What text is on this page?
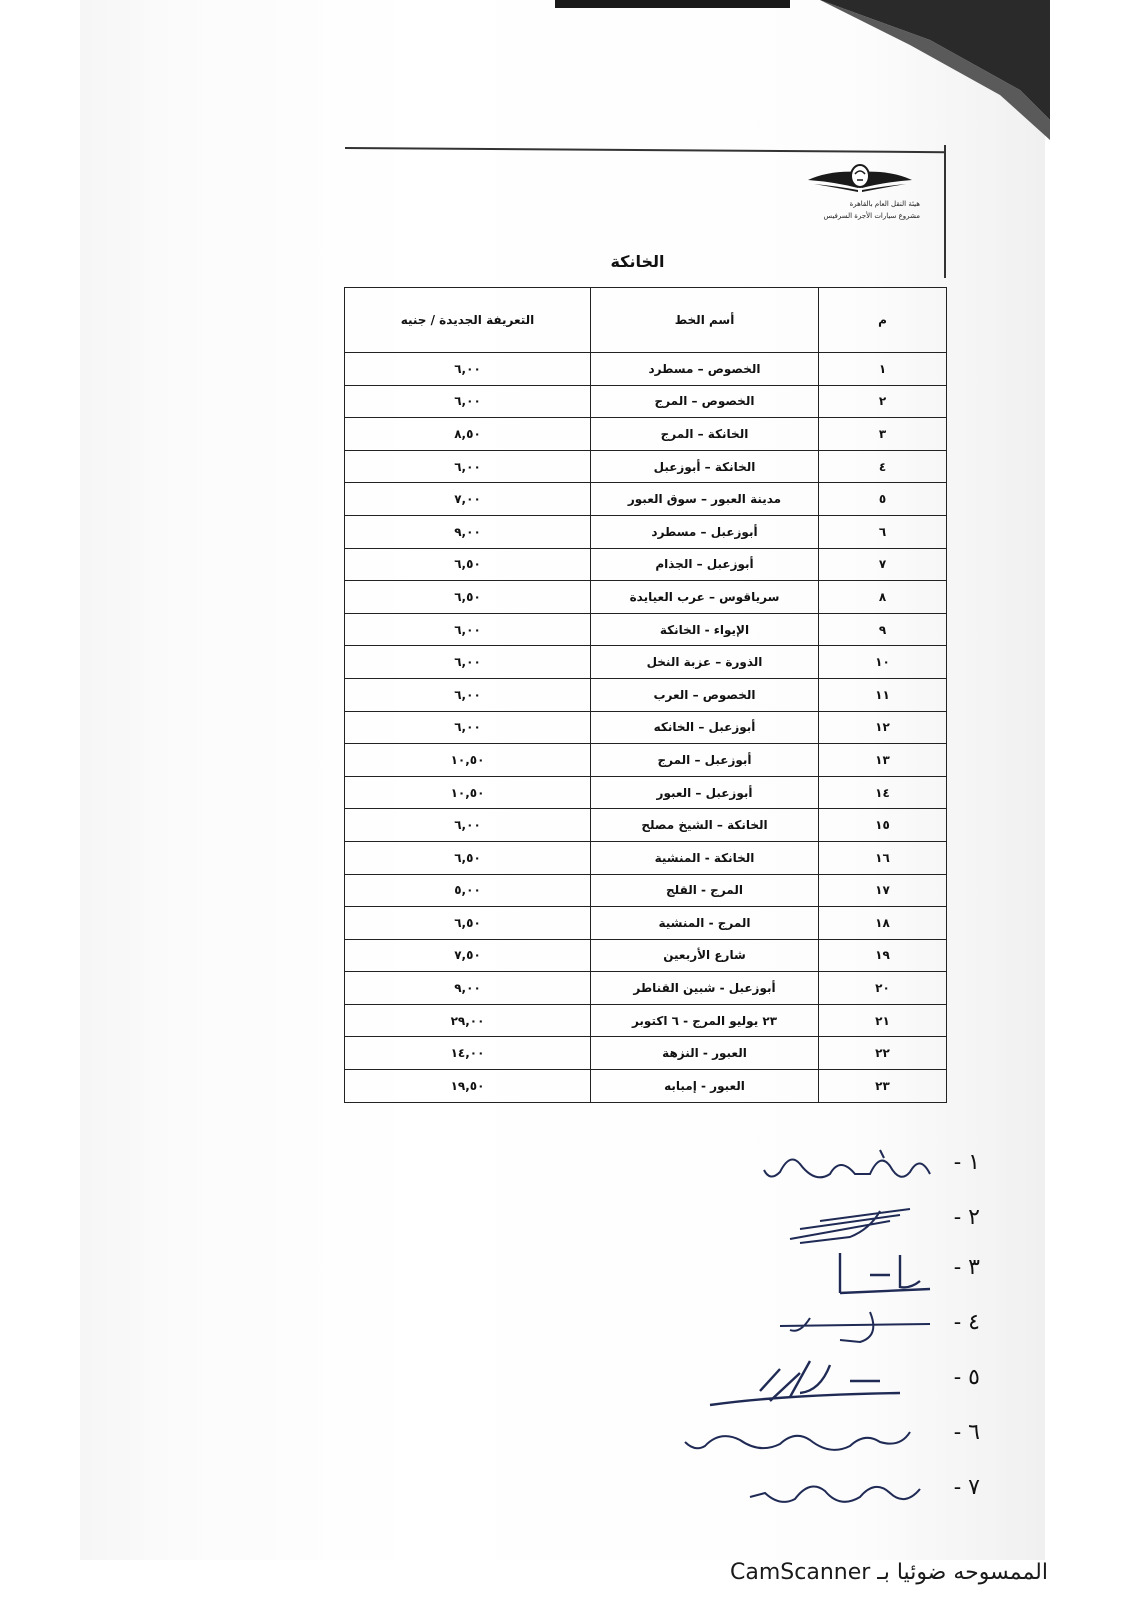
هيئة النقل العام بالقاهرة
مشروع سيارات الأجرة السرفيس
الخانكة
م	أسم الخط	التعريفة الجديدة / جنيه
١	الخصوص – مسطرد	٦,٠٠
٢	الخصوص – المرج	٦,٠٠
٣	الخانكة – المرج	٨,٥٠
٤	الخانكة – أبوزعبل	٦,٠٠
٥	مدينة العبور – سوق العبور	٧,٠٠
٦	أبوزعبل – مسطرد	٩,٠٠
٧	أبوزعبل – الجذام	٦,٥٠
٨	سرياقوس – عرب العيايدة	٦,٥٠
٩	الإيواء - الخانكة	٦,٠٠
١٠	الذورة – عزبة النخل	٦,٠٠
١١	الخصوص – العرب	٦,٠٠
١٢	أبوزعبل – الخانكه	٦,٠٠
١٣	أبوزعبل – المرج	١٠,٥٠
١٤	أبوزعبل – العبور	١٠,٥٠
١٥	الخانكة – الشيخ مصلح	٦,٠٠
١٦	الخانكة - المنشية	٦,٥٠
١٧	المرج - القلج	٥,٠٠
١٨	المرج - المنشية	٦,٥٠
١٩	شارع الأربعين	٧,٥٠
٢٠	أبوزعبل - شبين القناطر	٩,٠٠
٢١	٢٣ يوليو المرج - ٦ اكتوبر	٢٩,٠٠
٢٢	العبور - النزهة	١٤,٠٠
٢٣	العبور - إمبابه	١٩,٥٠
١ -
٢ -
٣ -
٤ -
٥ -
٦ -
٧ -
الممسوحه ضوئيا بـ CamScanner
